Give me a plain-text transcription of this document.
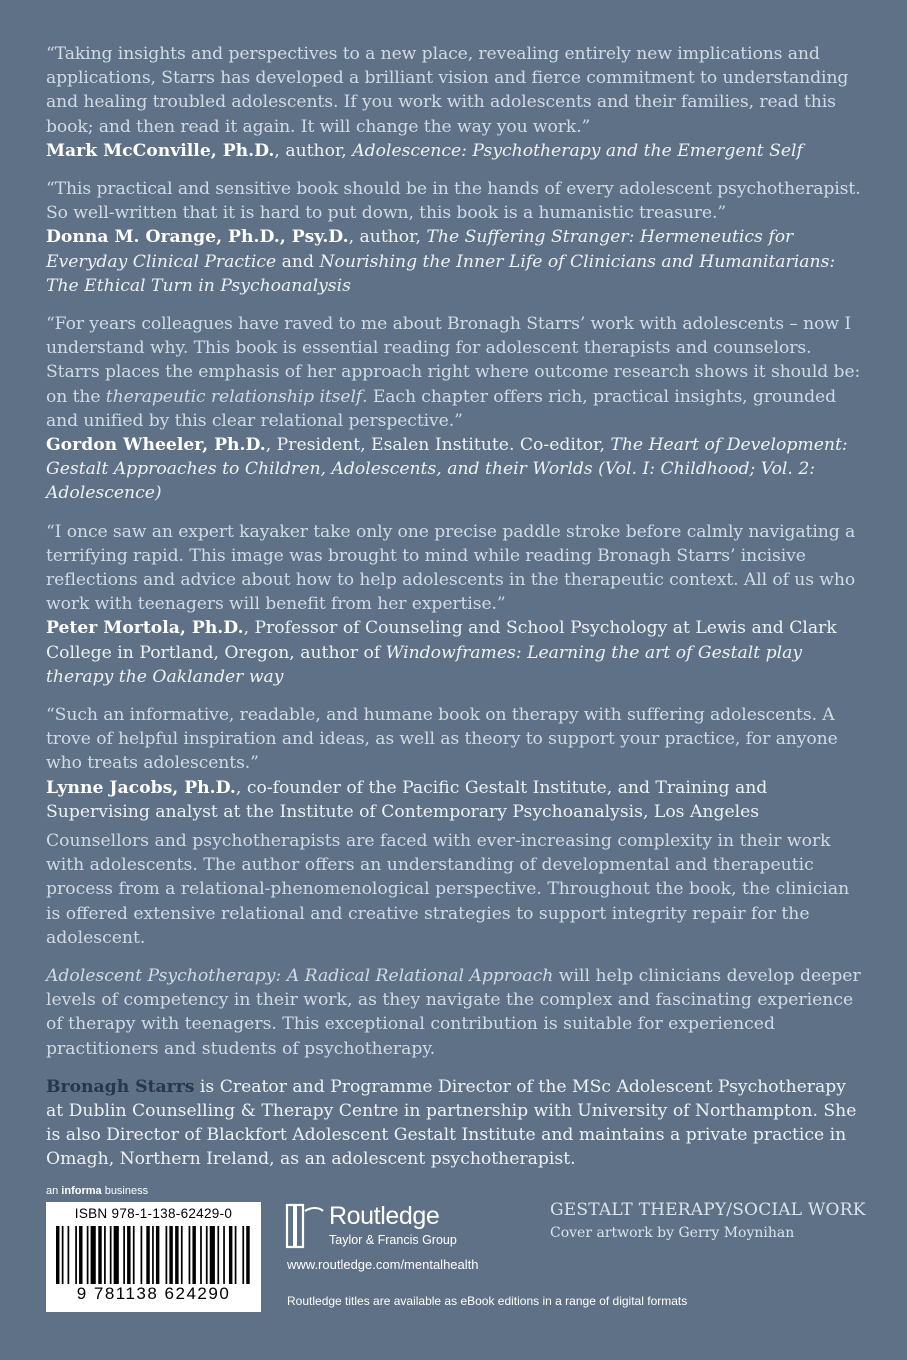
“Taking insights and perspectives to a new place, revealing entirely new implications and applications, Starrs has developed a brilliant vision and fierce commitment to understanding and healing troubled adolescents. If you work with adolescents and their families, read this book; and then read it again. It will change the way you work.”

Mark McConville, Ph.D., author, Adolescence: Psychotherapy and the Emergent Self

“This practical and sensitive book should be in the hands of every adolescent psychotherapist. So well-written that it is hard to put down, this book is a humanistic treasure.”

Donna M. Orange, Ph.D., Psy.D., author, The Suffering Stranger: Hermeneutics for Everyday Clinical Practice and Nourishing the Inner Life of Clinicians and Humanitarians: The Ethical Turn in Psychoanalysis

“For years colleagues have raved to me about Bronagh Starrs’ work with adolescents – now I understand why. This book is essential reading for adolescent therapists and counselors. Starrs places the emphasis of her approach right where outcome research shows it should be: on the therapeutic relationship itself. Each chapter offers rich, practical insights, grounded and unified by this clear relational perspective.”

Gordon Wheeler, Ph.D., President, Esalen Institute. Co-editor, The Heart of Development: Gestalt Approaches to Children, Adolescents, and their Worlds (Vol. I: Childhood; Vol. 2: Adolescence)

“I once saw an expert kayaker take only one precise paddle stroke before calmly navigating a terrifying rapid. This image was brought to mind while reading Bronagh Starrs’ incisive reflections and advice about how to help adolescents in the therapeutic context. All of us who work with teenagers will benefit from her expertise.”

Peter Mortola, Ph.D., Professor of Counseling and School Psychology at Lewis and Clark College in Portland, Oregon, author of Windowframes: Learning the art of Gestalt play therapy the Oaklander way

“Such an informative, readable, and humane book on therapy with suffering adolescents. A trove of helpful inspiration and ideas, as well as theory to support your practice, for anyone who treats adolescents.”

Lynne Jacobs, Ph.D., co-founder of the Pacific Gestalt Institute, and Training and Supervising analyst at the Institute of Contemporary Psychoanalysis, Los Angeles

Counsellors and psychotherapists are faced with ever-increasing complexity in their work with adolescents. The author offers an understanding of developmental and therapeutic process from a relational-phenomenological perspective. Throughout the book, the clinician is offered extensive relational and creative strategies to support integrity repair for the adolescent.

Adolescent Psychotherapy: A Radical Relational Approach will help clinicians develop deeper levels of competency in their work, as they navigate the complex and fascinating experience of therapy with teenagers. This exceptional contribution is suitable for experienced practitioners and students of psychotherapy.

Bronagh Starrs is Creator and Programme Director of the MSc Adolescent Psychotherapy at Dublin Counselling & Therapy Centre in partnership with University of Northampton. She is also Director of Blackfort Adolescent Gestalt Institute and maintains a private practice in Omagh, Northern Ireland, as an adolescent psychotherapist.

an informa business
ISBN 978-1-138-62429-0
9 781138 624290
Routledge
Taylor & Francis Group
www.routledge.com/mentalhealth
Routledge titles are available as eBook editions in a range of digital formats
GESTALT THERAPY/SOCIAL WORK
Cover artwork by Gerry Moynihan
